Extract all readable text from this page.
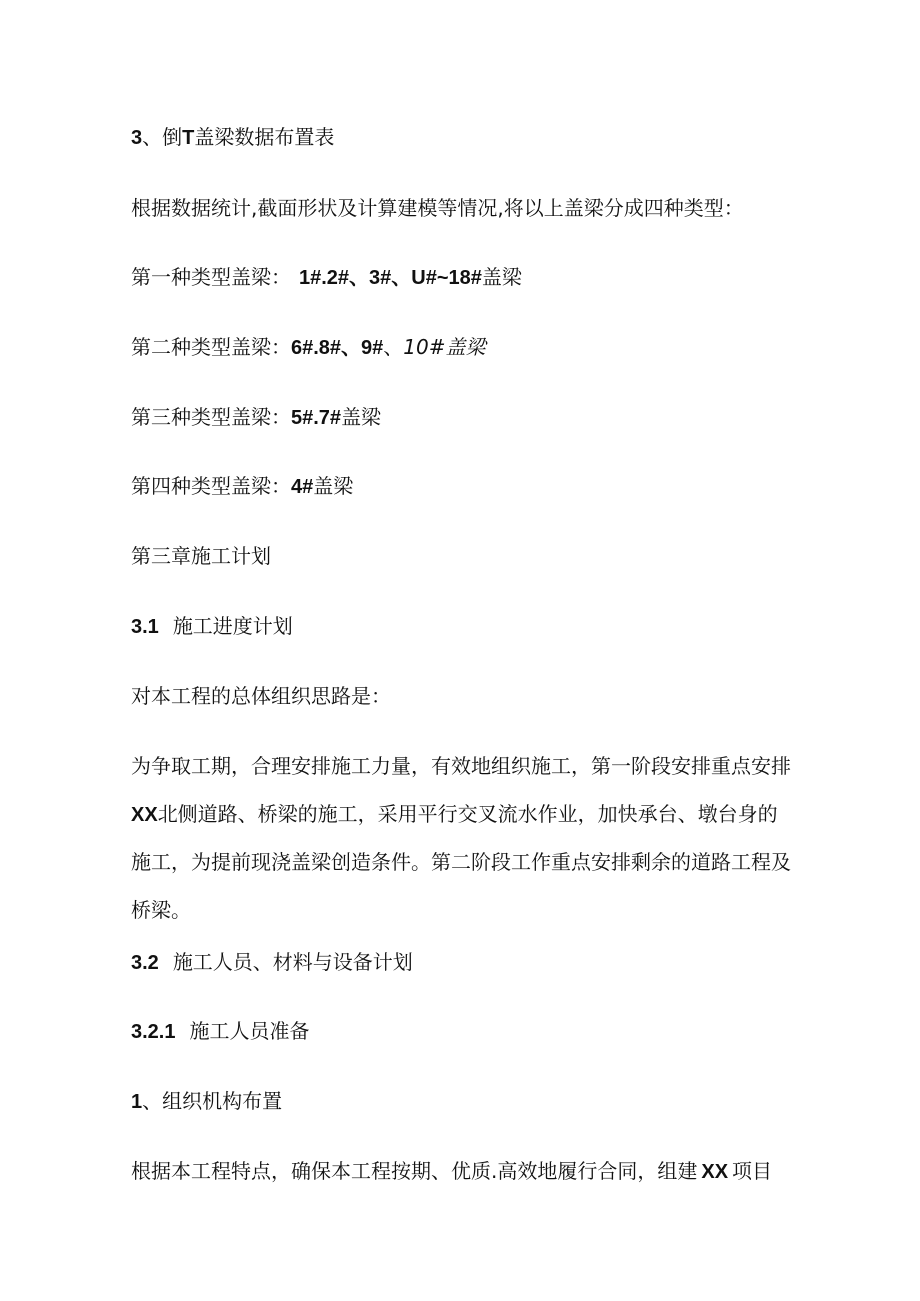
3、倒T盖梁数据布置表
根据数据统计,截面形状及计算建模等情况,将以上盖梁分成四种类型：
第一种类型盖梁： 1#.2#、3#、U#~18#盖梁
第二种类型盖梁：6#.8#、9#、10#盖梁
第三种类型盖梁：5#.7#盖梁
第四种类型盖梁：4#盖梁
第三章施工计划
3.1 施工进度计划
对本工程的总体组织思路是：
为争取工期，合理安排施工力量，有效地组织施工，第一阶段安排重点安排
XX北侧道路、桥梁的施工，采用平行交叉流水作业，加快承台、墩台身的
施工，为提前现浇盖梁创造条件。第二阶段工作重点安排剩余的道路工程及
桥梁。
3.2 施工人员、材料与设备计划
3.2.1 施工人员准备
1、组织机构布置
根据本工程特点，确保本工程按期、优质.高效地履行合同，组建 XX 项目
